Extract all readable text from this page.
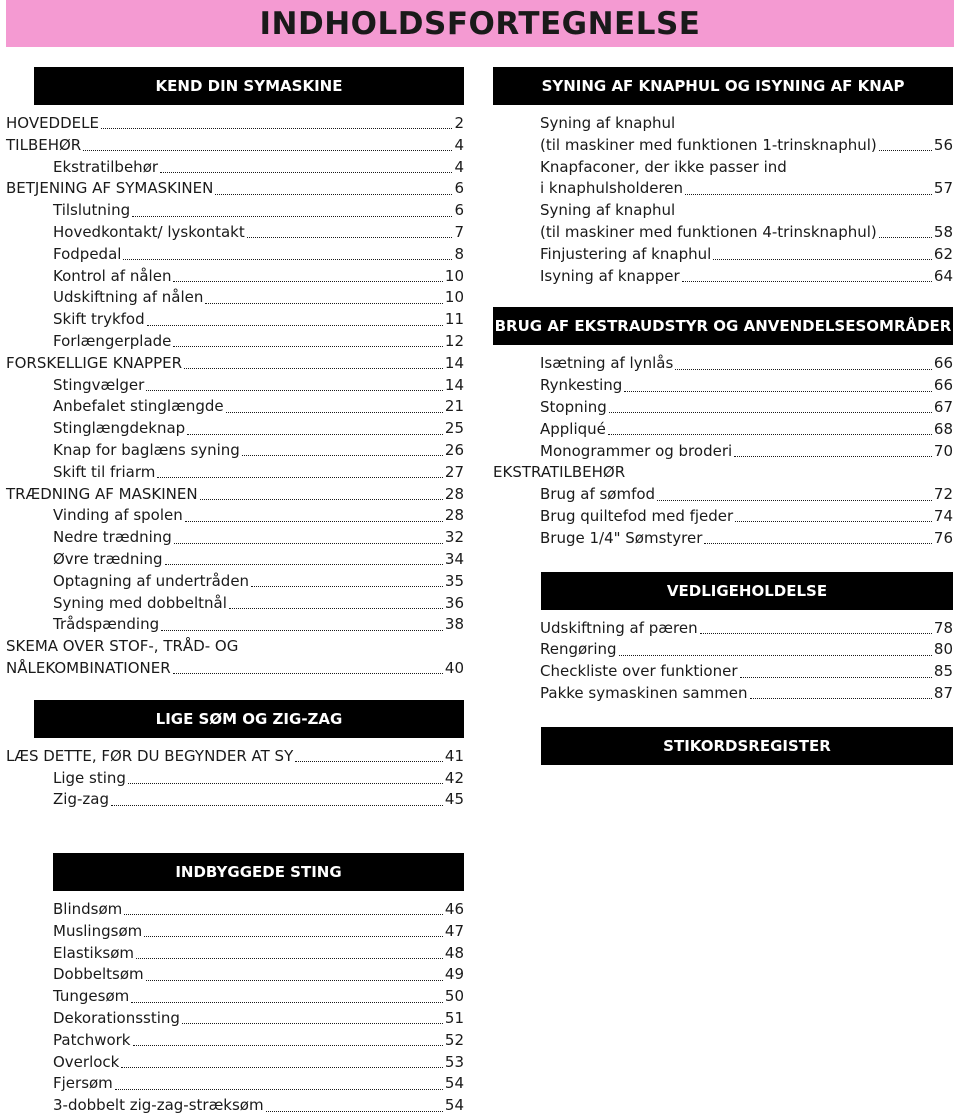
INDHOLDSFORTEGNELSE
KEND DIN SYMASKINE
HOVEDDELE	2
TILBEHØR	4
Ekstratilbehør	4
BETJENING AF SYMASKINEN	6
Tilslutning	6
Hovedkontakt/ lyskontakt	7
Fodpedal	8
Kontrol af nålen	10
Udskiftning af nålen	10
Skift trykfod	11
Forlængerplade	12
FORSKELLIGE KNAPPER	14
Stingvælger	14
Anbefalet stinglængde	21
Stinglængdeknap	25
Knap for baglæns syning	26
Skift til friarm	27
TRÆDNING AF MASKINEN	28
Vinding af spolen	28
Nedre trædning	32
Øvre trædning	34
Optagning af undertråden	35
Syning med dobbeltnål	36
Trådspænding	38
SKEMA OVER STOF-, TRÅD- OG
NÅLEKOMBINATIONER	40
LIGE SØM OG ZIG-ZAG
LÆS DETTE, FØR DU BEGYNDER AT SY	41
Lige sting	42
Zig-zag	45
INDBYGGEDE STING
Blindsøm	46
Muslingsøm	47
Elastiksøm	48
Dobbeltsøm	49
Tungesøm	50
Dekorationssting	51
Patchwork	52
Overlock	53
Fjersøm	54
3-dobbelt zig-zag-stræksøm	54
SYNING AF KNAPHUL OG ISYNING AF KNAP
Syning af knaphul
(til maskiner med funktionen 1-trinsknaphul)	56
Knapfaconer, der ikke passer ind
i knaphulsholderen	57
Syning af knaphul
(til maskiner med funktionen 4-trinsknaphul)	58
Finjustering af knaphul	62
Isyning af knapper	64
BRUG AF EKSTRAUDSTYR OG ANVENDELSESOMRÅDER
Isætning af lynlås	66
Rynkesting	66
Stopning	67
Appliqué	68
Monogrammer og broderi	70
EKSTRATILBEHØR
Brug af sømfod	72
Brug quiltefod med fjeder	74
Bruge 1/4" Sømstyrer	76
VEDLIGEHOLDELSE
Udskiftning af pæren	78
Rengøring	80
Checkliste over funktioner	85
Pakke symaskinen sammen	87
STIKORDSREGISTER
